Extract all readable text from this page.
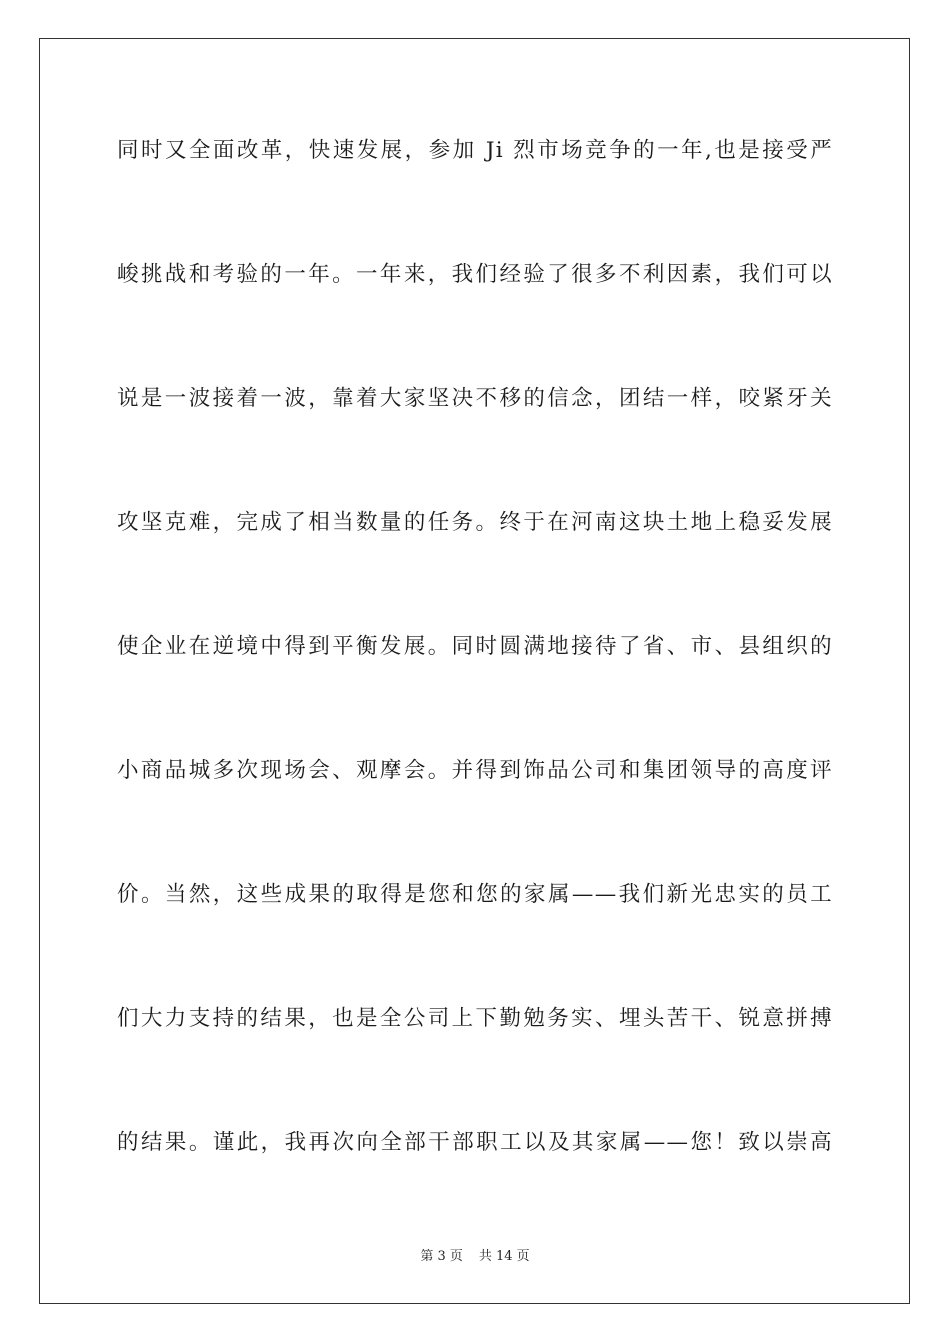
同时又全面改革，快速发展，参加 Ji 烈市场竞争的一年,也是接受严
峻挑战和考验的一年。一年来，我们经验了很多不利因素，我们可以
说是一波接着一波，靠着大家坚决不移的信念，团结一样，咬紧牙关
攻坚克难，完成了相当数量的任务。终于在河南这块土地上稳妥发展
使企业在逆境中得到平衡发展。同时圆满地接待了省、市、县组织的
小商品城多次现场会、观摩会。并得到饰品公司和集团领导的高度评
价。当然，这些成果的取得是您和您的家属——我们新光忠实的员工
们大力支持的结果，也是全公司上下勤勉务实、埋头苦干、锐意拼搏
的结果。谨此，我再次向全部干部职工以及其家属——您！致以崇高
第 3 页 共 14 页
